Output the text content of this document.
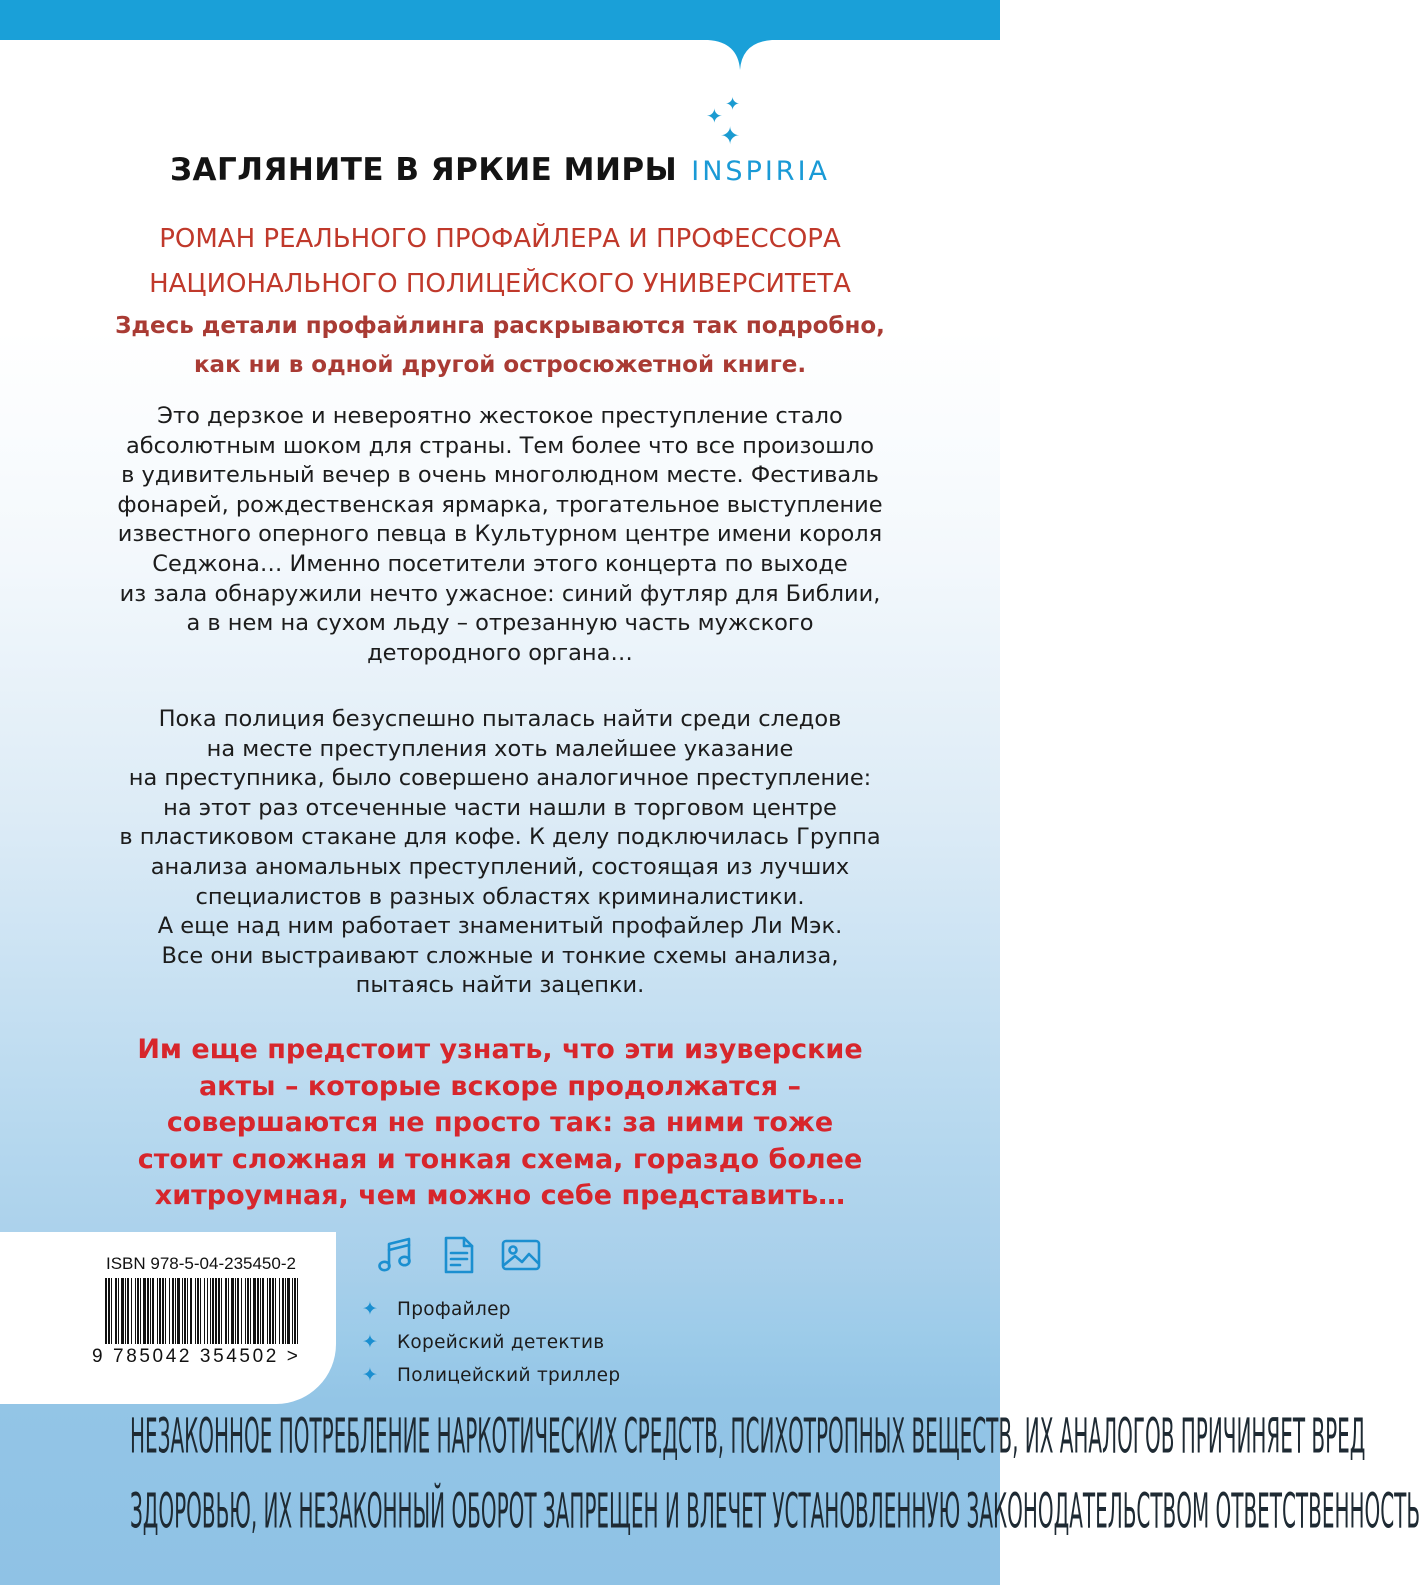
✦
✦
✦
ЗАГЛЯНИТЕ В ЯРКИЕ МИРЫ INSPIRIA
РОМАН РЕАЛЬНОГО ПРОФАЙЛЕРА И ПРОФЕССОРА
НАЦИОНАЛЬНОГО ПОЛИЦЕЙСКОГО УНИВЕРСИТЕТА
Здесь детали профайлинга раскрываются так подробно,
как ни в одной другой остросюжетной книге.
Это дерзкое и невероятно жестокое преступление стало
абсолютным шоком для страны. Тем более что все произошло
в удивительный вечер в очень многолюдном месте. Фестиваль
фонарей, рождественская ярмарка, трогательное выступление
известного оперного певца в Культурном центре имени короля
Седжона… Именно посетители этого концерта по выходе
из зала обнаружили нечто ужасное: синий футляр для Библии,
а в нем на сухом льду – отрезанную часть мужского
детородного органа…
Пока полиция безуспешно пыталась найти среди следов
на месте преступления хоть малейшее указание
на преступника, было совершено аналогичное преступление:
на этот раз отсеченные части нашли в торговом центре
в пластиковом стакане для кофе. К делу подключилась Группа
анализа аномальных преступлений, состоящая из лучших
специалистов в разных областях криминалистики.
А еще над ним работает знаменитый профайлер Ли Мэк.
Все они выстраивают сложные и тонкие схемы анализа,
пытаясь найти зацепки.
Им еще предстоит узнать, что эти изуверские
акты – которые вскоре продолжатся –
совершаются не просто так: за ними тоже
стоит сложная и тонкая схема, гораздо более
хитроумная, чем можно себе представить…
ISBN 978-5-04-235450-2
9 785042 354502 >
✦ Профайлер
✦ Корейский детектив
✦ Полицейский триллер
НЕЗАКОННОЕ ПОТРЕБЛЕНИЕ НАРКОТИЧЕСКИХ СРЕДСТВ, ПСИХОТРОПНЫХ ВЕЩЕСТВ, ИХ АНАЛОГОВ ПРИЧИНЯЕТ ВРЕД
ЗДОРОВЬЮ, ИХ НЕЗАКОННЫЙ ОБОРОТ ЗАПРЕЩЕН И ВЛЕЧЕТ УСТАНОВЛЕННУЮ ЗАКОНОДАТЕЛЬСТВОМ ОТВЕТСТВЕННОСТЬ
